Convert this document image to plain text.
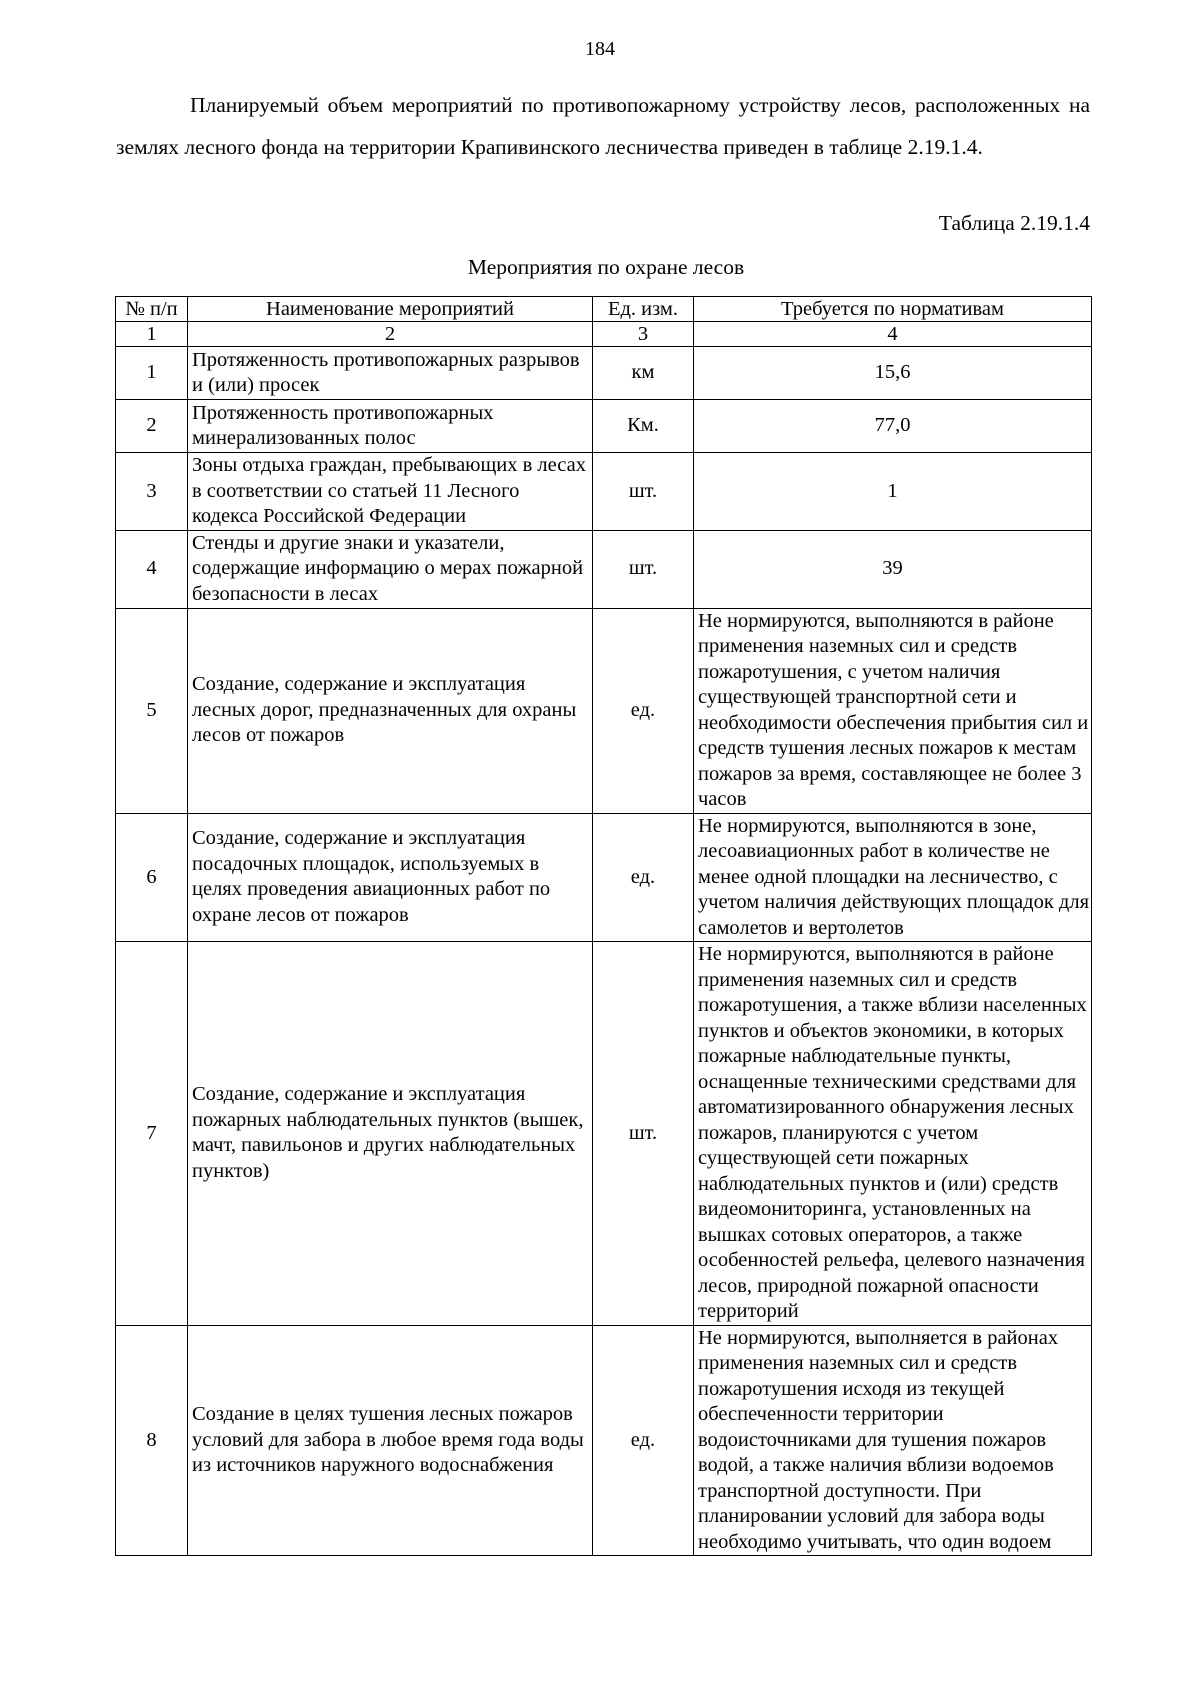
184

Планируемый объем мероприятий по противопожарному устройству лесов, расположенных на землях лесного фонда на территории Крапивинского лесничества приведен в таблице 2.19.1.4.

Таблица 2.19.1.4
Мероприятия по охране лесов
№ п/п	Наименование мероприятий	Ед. изм.	Требуется по нормативам
1	2	3	4
1	Протяженность противопожарных разрывов и (или) просек	км	15,6
2	Протяженность противопожарных минерализованных полос	Км.	77,0
3	Зоны отдыха граждан, пребывающих в лесах в соответствии со статьей 11 Лесного кодекса Российской Федерации	шт.	1
4	Стенды и другие знаки и указатели, содержащие информацию о мерах пожарной безопасности в лесах	шт.	39
5	Создание, содержание и эксплуатация лесных дорог, предназначенных для охраны лесов от пожаров	ед.	Не нормируются, выполняются в районе применения наземных сил и средств пожаротушения, с учетом наличия существующей транспортной сети и необходимости обеспечения прибытия сил и средств тушения лесных пожаров к местам пожаров за время, составляющее не более 3 часов
6	Создание, содержание и эксплуатация посадочных площадок, используемых в целях проведения авиационных работ по охране лесов от пожаров	ед.	Не нормируются, выполняются в зоне, лесоавиационных работ в количестве не менее одной площадки на лесничество, с учетом наличия действующих площадок для самолетов и вертолетов
7	Создание, содержание и эксплуатация пожарных наблюдательных пунктов (вышек, мачт, павильонов и других наблюдательных пунктов)	шт.	Не нормируются, выполняются в районе применения наземных сил и средств пожаротушения, а также вблизи населенных пунктов и объектов экономики, в которых пожарные наблюдательные пункты, оснащенные техническими средствами для автоматизированного обнаружения лесных пожаров, планируются с учетом существующей сети пожарных наблюдательных пунктов и (или) средств видеомониторинга, установленных на вышках сотовых операторов, а также особенностей рельефа, целевого назначения лесов, природной пожарной опасности территорий
8	Создание в целях тушения лесных пожаров условий для забора в любое время года воды из источников наружного водоснабжения	ед.	Не нормируются, выполняется в районах применения наземных сил и средств пожаротушения исходя из текущей обеспеченности территории водоисточниками для тушения пожаров водой, а также наличия вблизи водоемов транспортной доступности. При планировании условий для забора воды необходимо учитывать, что один водоем
